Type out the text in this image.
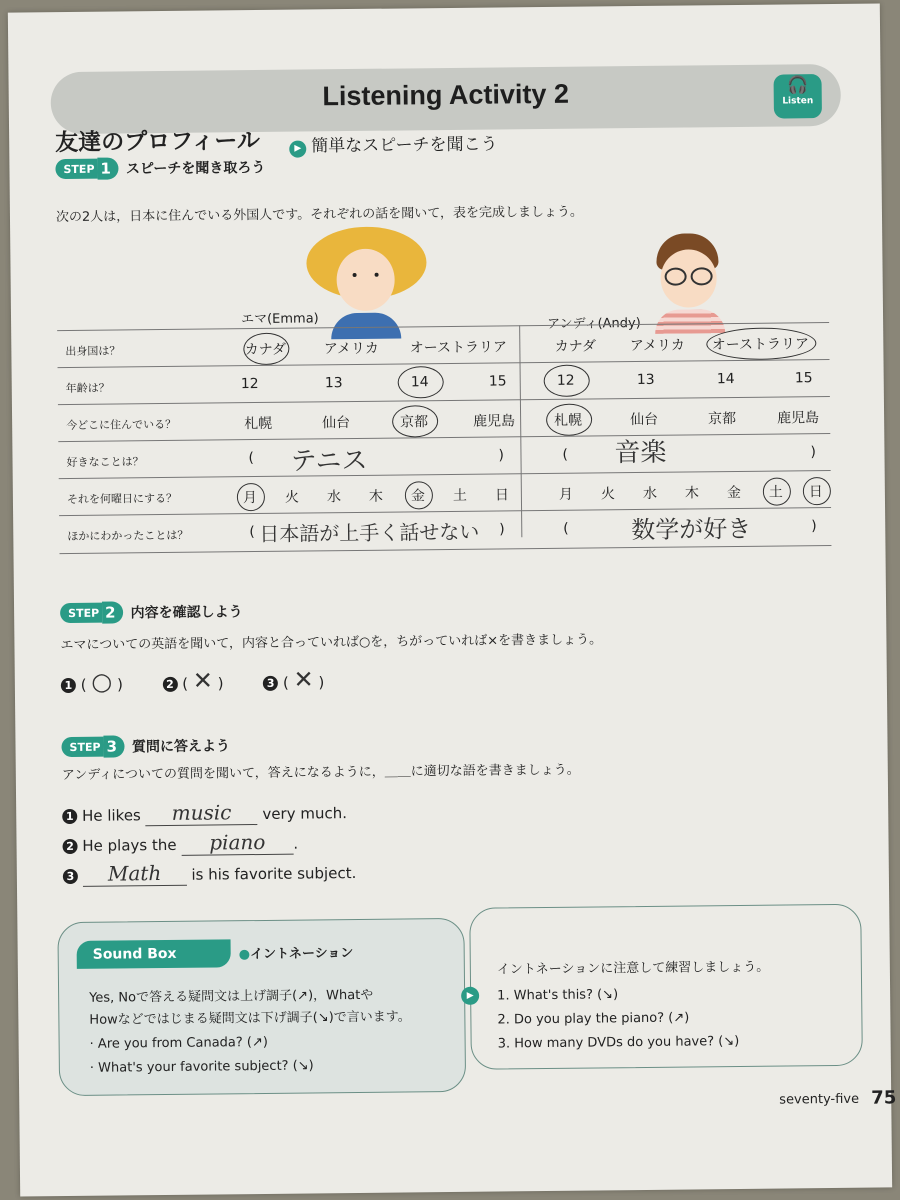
Listening Activity 2	🎧
Listen
友達のプロフィール	▶ 簡単なスピーチを聞こう
STEP 1	スピーチを聞き取ろう
次の2人は，日本に住んでいる外国人です。それぞれの話を聞いて，表を完成しましょう。
エマ(Emma)	アンディ(Andy)
出身国は？	カナダ	アメリカ	オーストラリア	カナダ	アメリカ	オーストラリア
年齢は？	12	13	14	15	12	13	14	15
今どこに住んでいる？	札幌	仙台	京都	鹿児島	札幌	仙台	京都	鹿児島
好きなことは？	( テニス	)	( 音楽	)
それを何曜日にする？	月	火	水	木	金	土	日	月	火	水	木	金	土	日
ほかにわかったことは？	( 日本語が上手く話せない )	(	数学が好き	)
STEP 2	内容を確認しよう
エマについての英語を聞いて，内容と合っていれば○を，ちがっていれば×を書きましょう。
1 ( ○ )	2 ( ✕ )	3 ( ✕ )
STEP 3	質問に答えよう
アンディについての質問を聞いて，答えになるように，＿＿に適切な語を書きましょう。
1 He likes music very much.
2 He plays the piano .
3 Math is his favorite subject.
Sound Box	●イントネーション
Yes, Noで答える疑問文は上げ調子(↗)，Whatや
Howなどではじまる疑問文は下げ調子(↘)で言います。
· Are you from Canada? (↗)
· What's your favorite subject? (↘)
▶
イントネーションに注意して練習しましょう。
1. What's this? (↘)
2. Do you play the piano? (↗)
3. How many DVDs do you have? (↘)
seventy-five 75
